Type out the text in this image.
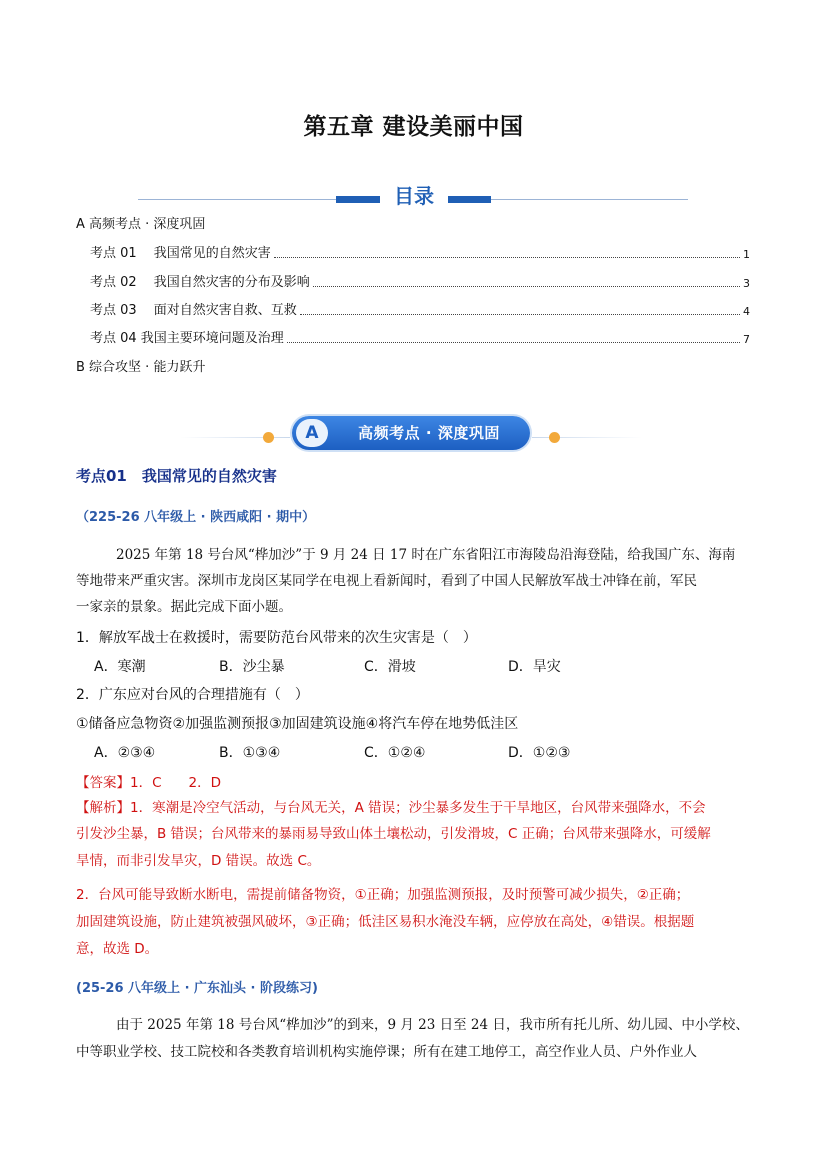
第五章 建设美丽中国
目录
A 高频考点 · 深度巩固
考点 01　 我国常见的自然灾害	1
考点 02　 我国自然灾害的分布及影响	3
考点 03　 面对自然灾害自救、互救	4
考点 04 我国主要环境问题及治理	7
B 综合攻坚 · 能力跃升
A	高频考点 · 深度巩固
考点01　我国常见的自然灾害
（225-26 八年级上 · 陕西咸阳 · 期中）
2025 年第 18 号台风“桦加沙”于 9 月 24 日 17 时在广东省阳江市海陵岛沿海登陆，给我国广东、海南
等地带来严重灾害。深圳市龙岗区某同学在电视上看新闻时，看到了中国人民解放军战士冲锋在前，军民
一家亲的景象。据此完成下面小题。
1．解放军战士在救援时，需要防范台风带来的次生灾害是（　）
A．寒潮	B．沙尘暴	C．滑坡	D．旱灾
2．广东应对台风的合理措施有（　）
①储备应急物资②加强监测预报③加固建筑设施④将汽车停在地势低洼区
A．②③④	B．①③④	C．①②④	D．①②③
【答案】1．C　　2．D
【解析】1．寒潮是冷空气活动，与台风无关，A 错误；沙尘暴多发生于干旱地区，台风带来强降水，不会
引发沙尘暴，B 错误；台风带来的暴雨易导致山体土壤松动，引发滑坡，C 正确；台风带来强降水，可缓解
旱情，而非引发旱灾，D 错误。故选 C。
2．台风可能导致断水断电，需提前储备物资，①正确；加强监测预报，及时预警可减少损失，②正确；
加固建筑设施，防止建筑被强风破坏，③正确；低洼区易积水淹没车辆，应停放在高处，④错误。根据题
意，故选 D。
(25-26 八年级上 · 广东汕头 · 阶段练习)
由于 2025 年第 18 号台风“桦加沙”的到来，9 月 23 日至 24 日，我市所有托儿所、幼儿园、中小学校、
中等职业学校、技工院校和各类教育培训机构实施停课；所有在建工地停工，高空作业人员、户外作业人
